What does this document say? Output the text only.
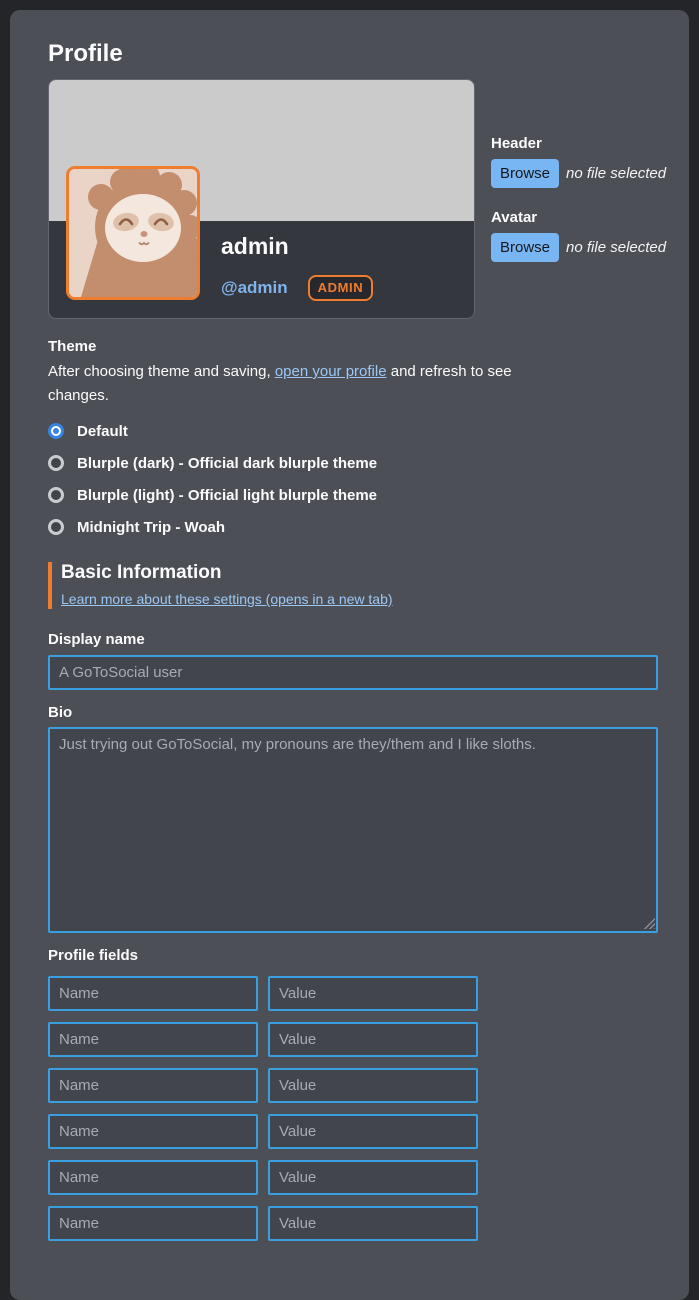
Profile
admin
@admin	ADMIN
Header
Browse	no file selected
Avatar
Browse	no file selected
Theme

After choosing theme and saving, open your profile and refresh to see changes.

Default
Blurple (dark) - Official dark blurple theme
Blurple (light) - Official light blurple theme
Midnight Trip - Woah
Basic Information
Learn more about these settings (opens in a new tab)
Display name
A GoToSocial user
Bio
Just trying out GoToSocial, my pronouns are they/them and I like sloths.
Profile fields
Name
Value
Name
Value
Name
Value
Name
Value
Name
Value
Name
Value
